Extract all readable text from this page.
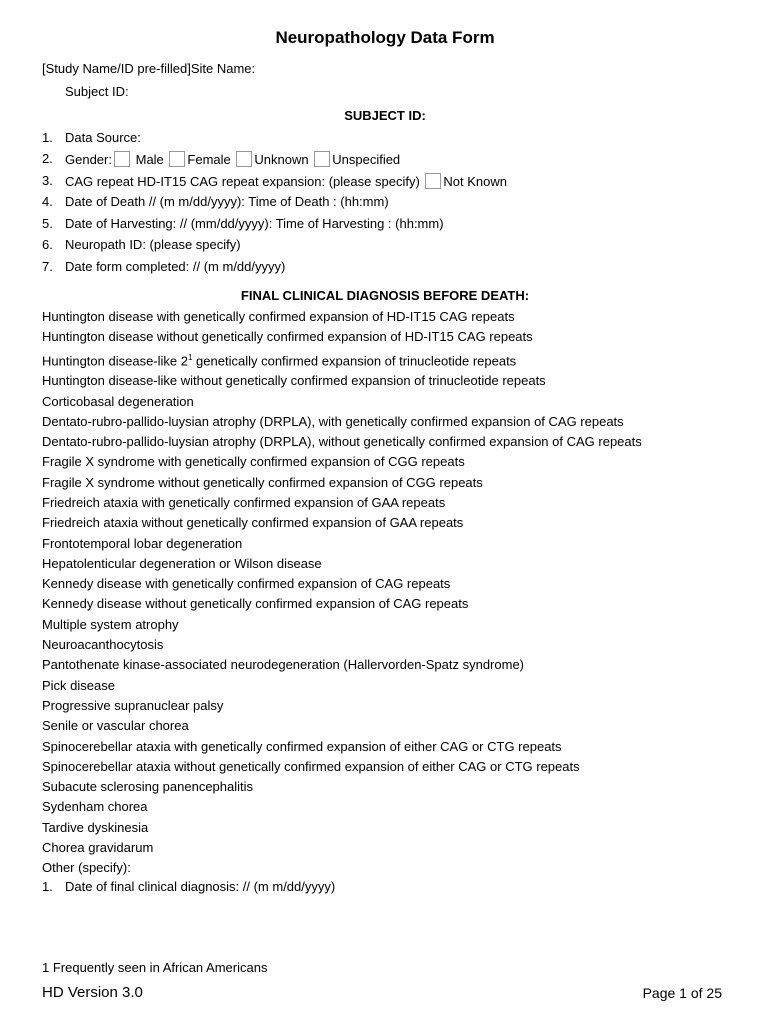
Neuropathology Data Form
[Study Name/ID pre-filled]Site Name:
Subject ID:
SUBJECT ID:
1. Data Source:
2. Gender: Male Female Unknown Unspecified
3. CAG repeat HD-IT15 CAG repeat expansion: (please specify) Not Known
4. Date of Death // (m m/dd/yyyy): Time of Death : (hh:mm)
5. Date of Harvesting: // (mm/dd/yyyy): Time of Harvesting : (hh:mm)
6. Neuropath ID: (please specify)
7. Date form completed: // (m m/dd/yyyy)
FINAL CLINICAL DIAGNOSIS BEFORE DEATH:
Huntington disease with genetically confirmed expansion of HD-IT15 CAG repeats
Huntington disease without genetically confirmed expansion of HD-IT15 CAG repeats
Huntington disease-like $2^1$ genetically confirmed expansion of trinucleotide repeats
Huntington disease-like without genetically confirmed expansion of trinucleotide repeats
Corticobasal degeneration
Dentato-rubro-pallido-luysian atrophy (DRPLA), with genetically confirmed expansion of CAG repeats
Dentato-rubro-pallido-luysian atrophy (DRPLA), without genetically confirmed expansion of CAG repeats
Fragile X syndrome with genetically confirmed expansion of CGG repeats
Fragile X syndrome without genetically confirmed expansion of CGG repeats
Friedreich ataxia with genetically confirmed expansion of GAA repeats
Friedreich ataxia without genetically confirmed expansion of GAA repeats
Frontotemporal lobar degeneration
Hepatolenticular degeneration or Wilson disease
Kennedy disease with genetically confirmed expansion of CAG repeats
Kennedy disease without genetically confirmed expansion of CAG repeats
Multiple system atrophy
Neuroacanthocytosis
Pantothenate kinase-associated neurodegeneration (Hallervorden-Spatz syndrome)
Pick disease
Progressive supranuclear palsy
Senile or vascular chorea
Spinocerebellar ataxia with genetically confirmed expansion of either CAG or CTG repeats
Spinocerebellar ataxia without genetically confirmed expansion of either CAG or CTG repeats
Subacute sclerosing panencephalitis
Sydenham chorea
Tardive dyskinesia
Chorea gravidarum
Other (specify):
1. Date of final clinical diagnosis: // (m m/dd/yyyy)
1 Frequently seen in African Americans
HD Version 3.0	Page 1 of 25
